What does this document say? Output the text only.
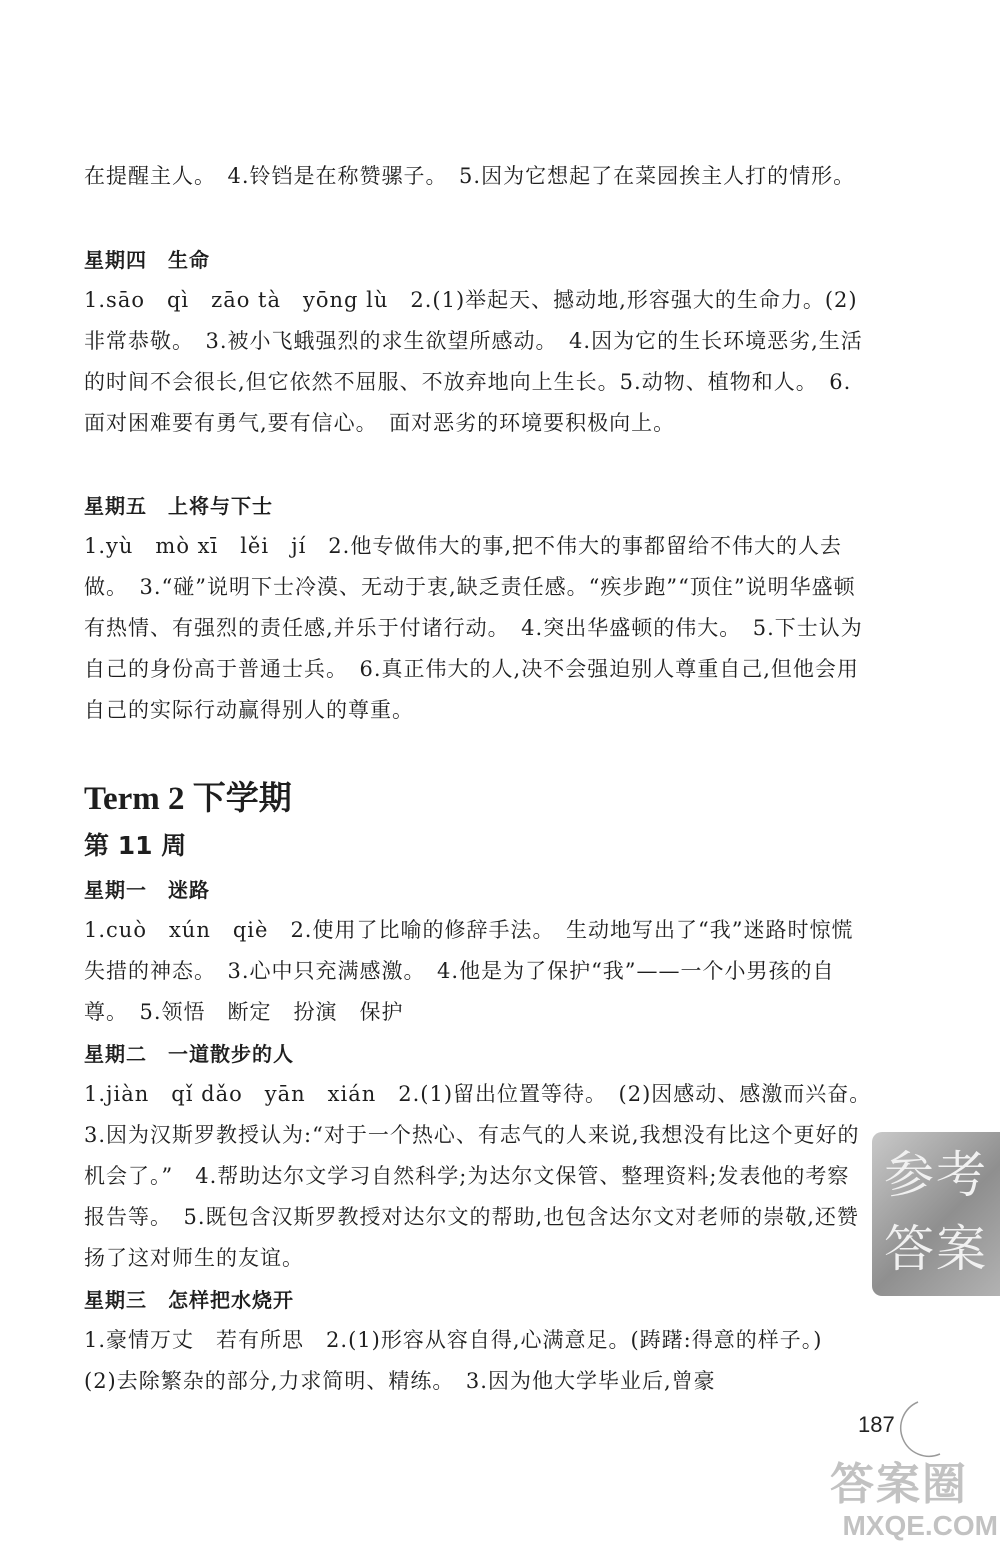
在提醒主人。　4.铃铛是在称赞骡子。　5.因为它想起了在菜园挨主人打的情形。
星期四　生命
1.sāo　qì　zāo tà　yōng lù　2.(1)举起天、撼动地,形容强大的生命力。(2)非常恭敬。　3.被小飞蛾强烈的求生欲望所感动。　4.因为它的生长环境恶劣,生活的时间不会很长,但它依然不屈服、不放弃地向上生长。5.动物、植物和人。　6.面对困难要有勇气,要有信心。　面对恶劣的环境要积极向上。
星期五　上将与下士
1.yù　mò xī　lěi　jí　2.他专做伟大的事,把不伟大的事都留给不伟大的人去做。　3.“碰”说明下士冷漠、无动于衷,缺乏责任感。“疾步跑”“顶住”说明华盛顿有热情、有强烈的责任感,并乐于付诸行动。　4.突出华盛顿的伟大。　5.下士认为自己的身份高于普通士兵。　6.真正伟大的人,决不会强迫别人尊重自己,但他会用自己的实际行动赢得别人的尊重。
Term 2 下学期
第 11 周
星期一　迷路
1.cuò　xún　qiè　2.使用了比喻的修辞手法。　生动地写出了“我”迷路时惊慌失措的神态。　3.心中只充满感激。　4.他是为了保护“我”——一个小男孩的自尊。　5.领悟　断定　扮演　保护
星期二　一道散步的人
1.jiàn　qǐ dǎo　yān　xián　2.(1)留出位置等待。　(2)因感动、感激而兴奋。　3.因为汉斯罗教授认为:“对于一个热心、有志气的人来说,我想没有比这个更好的机会了。”　4.帮助达尔文学习自然科学;为达尔文保管、整理资料;发表他的考察报告等。　5.既包含汉斯罗教授对达尔文的帮助,也包含达尔文对老师的崇敬,还赞扬了这对师生的友谊。
星期三　怎样把水烧开
1.豪情万丈　若有所思　2.(1)形容从容自得,心满意足。(踌躇:得意的样子。)　(2)去除繁杂的部分,力求简明、精练。　3.因为他大学毕业后,曾豪
参考答案
187
答案圈
MXQE.COM
